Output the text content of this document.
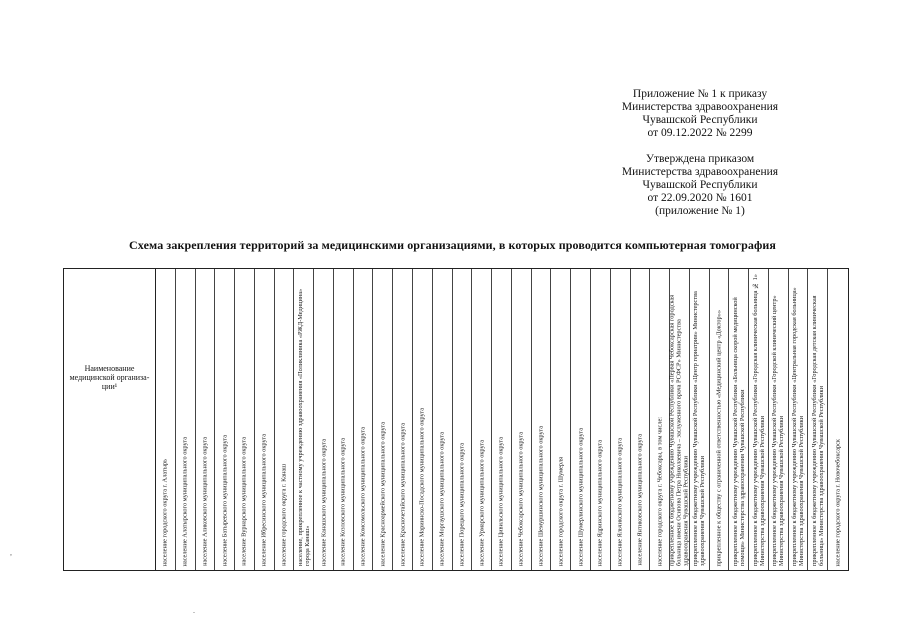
Приложение № 1 к приказу
Министерства здравоохранения
Чувашской Республики
от 09.12.2022 № 2299
Утверждена приказом
Министерства здравоохранения
Чувашской Республики
от 22.09.2020 № 1601
(приложение № 1)
Схема закрепления территорий за медицинскими организациями, в которых проводится компьютерная томография
Наименование медицинской организа-ции¹
население городского округа г. Алатырь население Алатырского муниципального округа население Аликовского муниципального округа население Батыревского муниципального округа население Вурнарского муниципального округа население Ибресинского муниципального округа население городского округа г. Канаш население, прикрепленное к частному учреждению здравоохранения «Поликлиника «РЖД-Медицина» города Канаш» население Канашского муниципального округа население Козловского муниципального округа население Комсомольского муниципального округа население Красноармейского муниципального округа население Красночетайского муниципального округа население Мариинско-Посадского муниципального округа население Моргаушского муниципального округа население Порецкого муниципального округа население Урмарского муниципального округа население Цивильского муниципального округа население Чебоксарского муниципального округа население Шемуршинского муниципального округа население городского округа г. Шумерля население Шумерлинского муниципального округа население Ядринского муниципального округа население Яльчикского муниципального округа население Янтиковского муниципального округа население городского округа г. Чебоксары, в том числе: прикрепленное к бюджетному учреждению Чувашской Республики «Первая Чебоксарская городская больница имени Осипова Петра Николаевича – заслуженного врача РСФСР» Министерства здравоохранения Чувашской Республики прикрепленное к бюджетному учреждению Чувашской Республики «Центр гериатрии» Министерства здравоохранения Чувашской Республики прикрепленное к обществу с ограниченной ответственностью «Медицинский центр «Доктор»» прикрепленное к бюджетному учреждению Чувашской Республики «Больница скорой медицинской помощи» Министерства здравоохранения Чувашской Республики прикрепленное к бюджетному учреждению Чувашской Республики «Городская клиническая больница № 1» Министерства здравоохранения Чувашской Республики прикрепленное к бюджетному учреждению Чувашской Республики «Городской клинический центр» Министерства здравоохранения Чувашской Республики прикрепленное к бюджетному учреждению Чувашской Республики «Центральная городская больница» Министерства здравоохранения Чувашской Республики прикрепленное к бюджетному учреждению Чувашской Республики «Городская детская клиническая больница» Министерства здравоохранения Чувашской Республики население городского округа г. Новочебоксарск
,
.
